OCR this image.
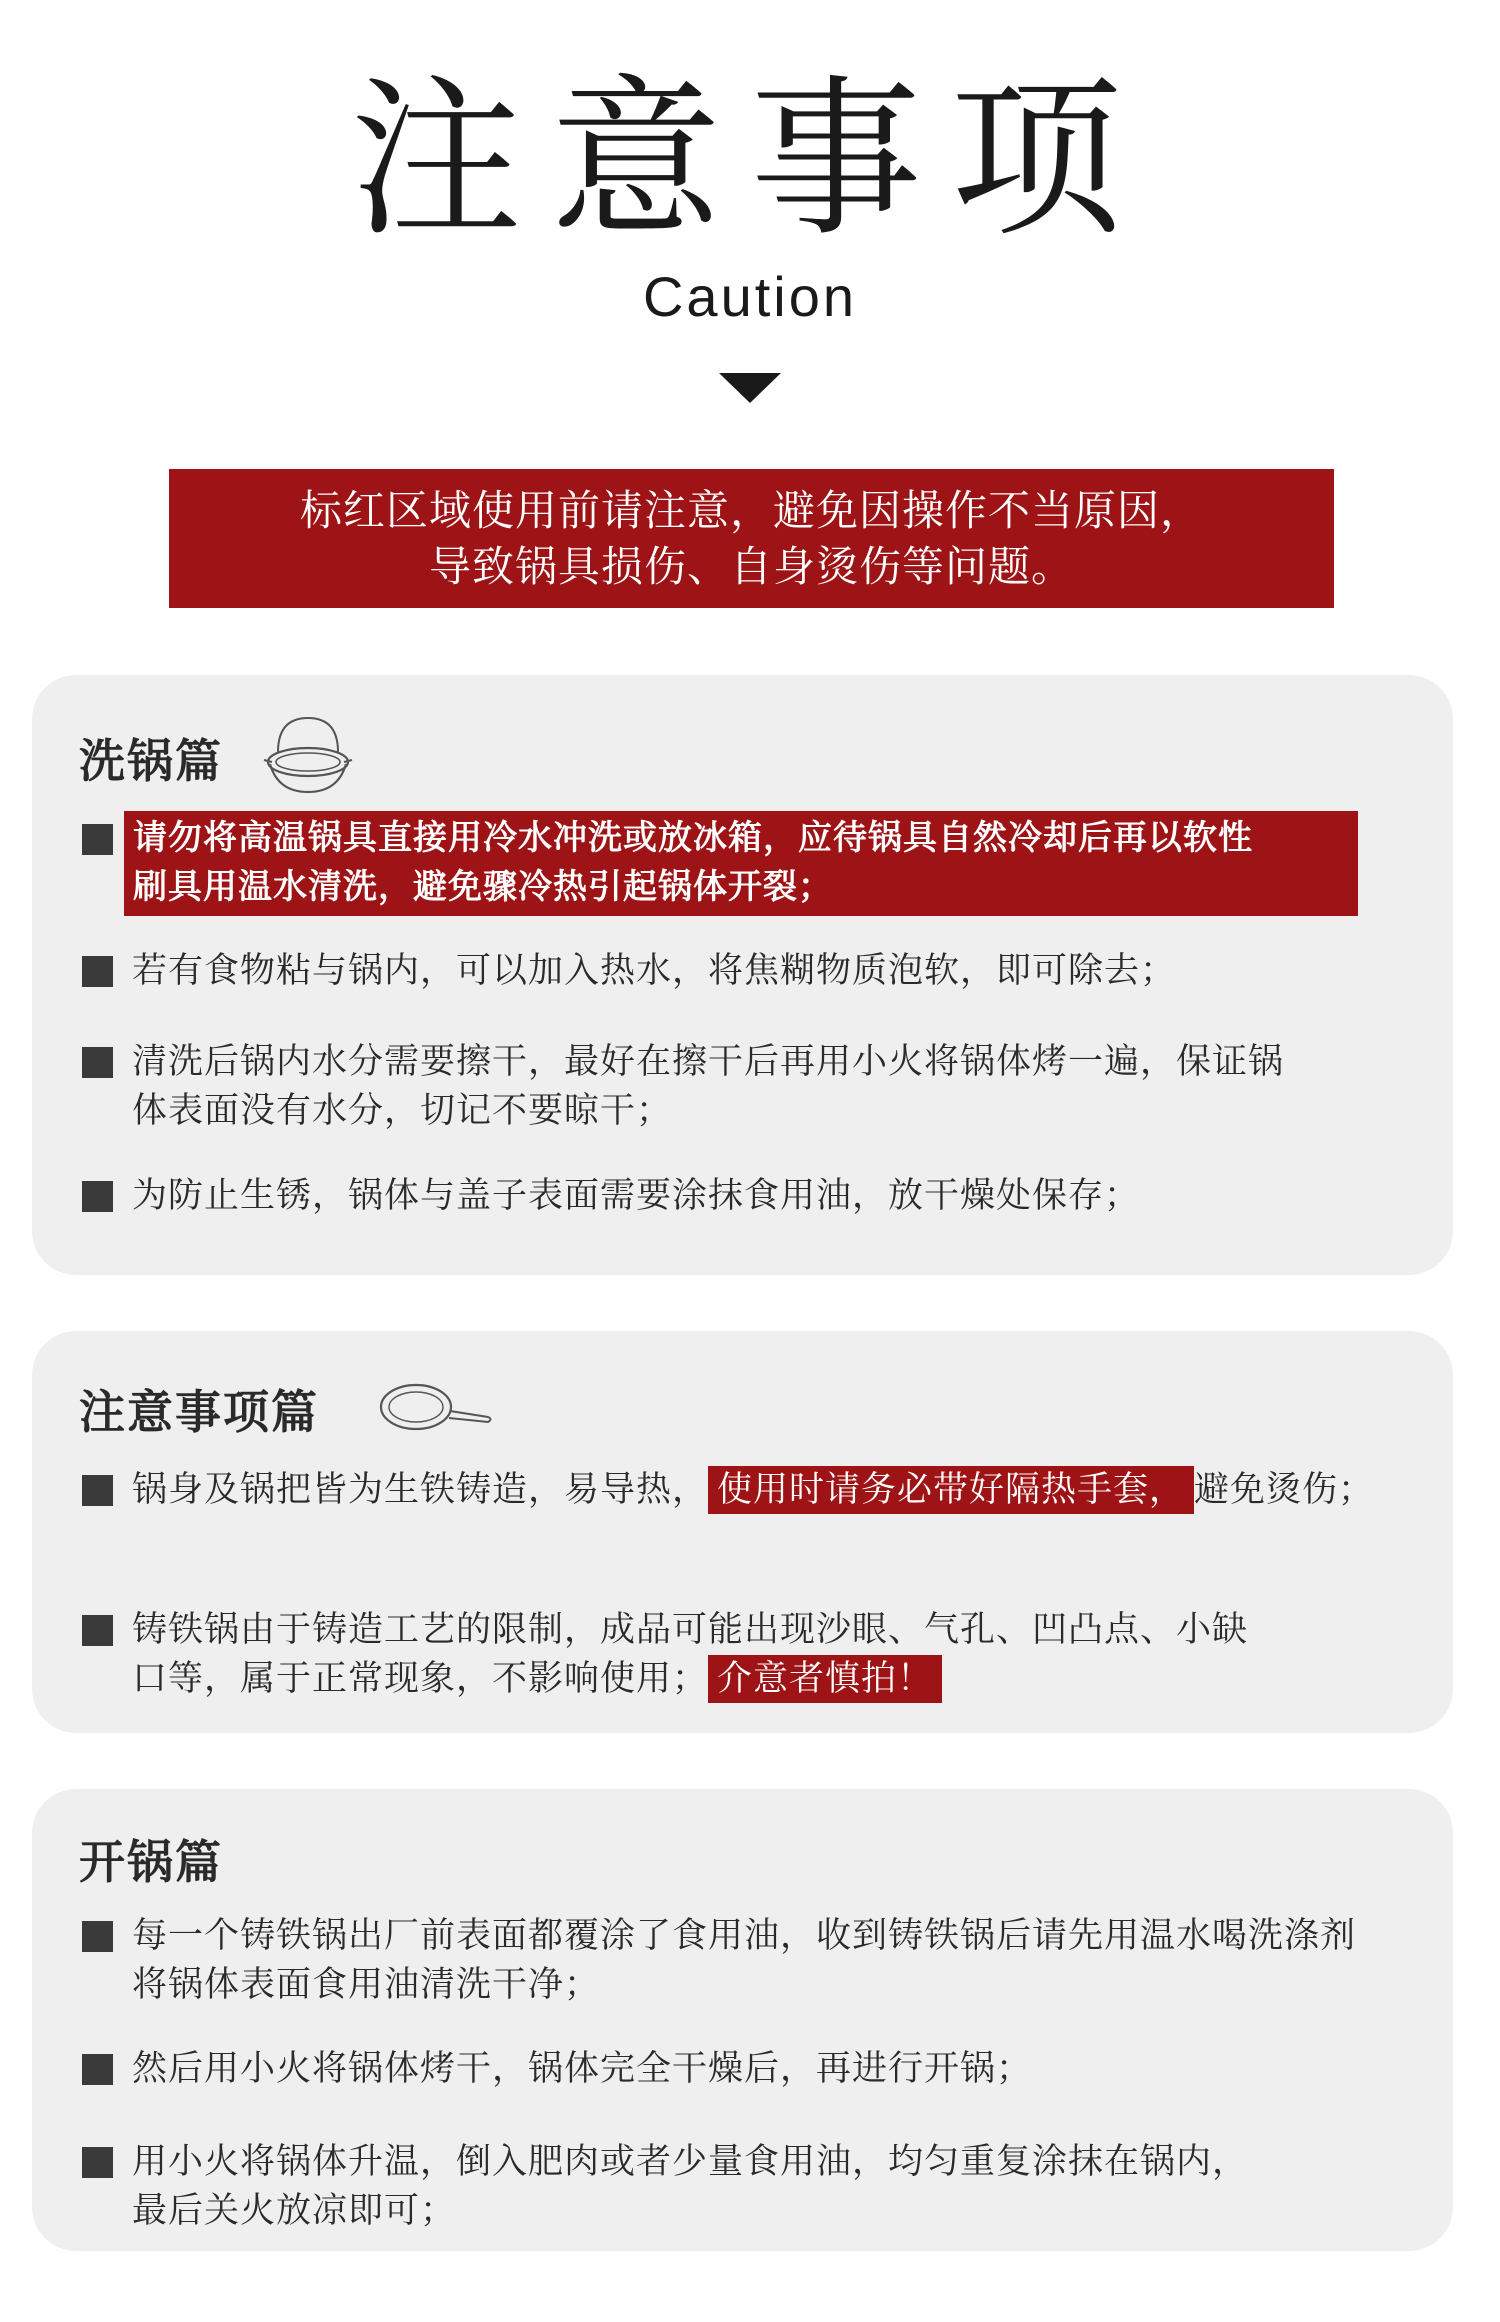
注意事项
Caution
标红区域使用前请注意，避免因操作不当原因，
导致锅具损伤、自身烫伤等问题。
洗锅篇
请勿将高温锅具直接用冷水冲洗或放冰箱，应待锅具自然冷却后再以软性
刷具用温水清洗，避免骤冷热引起锅体开裂；
若有食物粘与锅内，可以加入热水，将焦糊物质泡软，即可除去；
清洗后锅内水分需要擦干，最好在擦干后再用小火将锅体烤一遍，保证锅
体表面没有水分，切记不要晾干；
为防止生锈，锅体与盖子表面需要涂抹食用油，放干燥处保存；
注意事项篇
锅身及锅把皆为生铁铸造，易导热， 使用时请务必带好隔热手套， 避免烫伤；
铸铁锅由于铸造工艺的限制，成品可能出现沙眼、气孔、凹凸点、小缺
口等，属于正常现象，不影响使用； 介意者慎拍！
开锅篇
每一个铸铁锅出厂前表面都覆涂了食用油，收到铸铁锅后请先用温水喝洗涤剂
将锅体表面食用油清洗干净；
然后用小火将锅体烤干，锅体完全干燥后，再进行开锅；
用小火将锅体升温，倒入肥肉或者少量食用油，均匀重复涂抹在锅内，
最后关火放凉即可；
